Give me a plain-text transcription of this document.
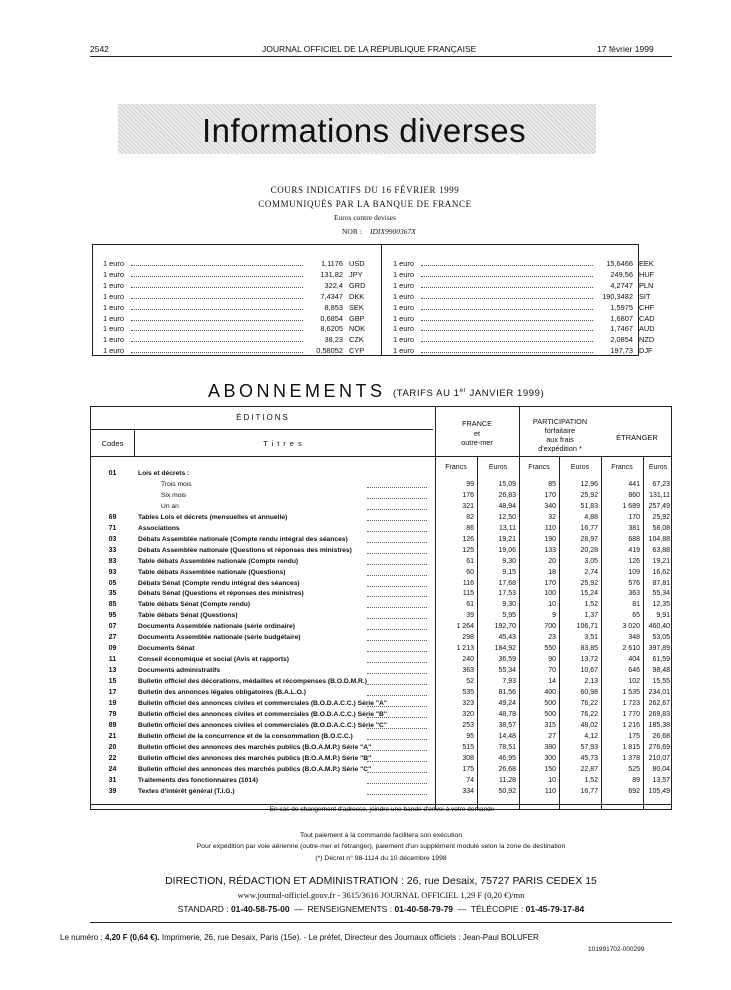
2542	JOURNAL OFFICIEL DE LA RÉPUBLIQUE FRANÇAISE	17 février 1999
Informations diverses
COURS INDICATIFS DU 16 FÉVRIER 1999
COMMUNIQUÉS PAR LA BANQUE DE FRANCE
Euros contre devises
NOR : IDIX9900367X
1 euro	1,1176 USD
1 euro	131,82 JPY
1 euro	322,4 GRD
1 euro	7,4347 DKK
1 euro	8,853 SEK
1 euro	0,6854 GBP
1 euro	8,6205 NOK
1 euro	38,23 CZK
1 euro	0,58052 CYP
1 euro	15,6466 EEK
1 euro	249,56 HUF
1 euro	4,2747 PLN
1 euro	190,3482 SIT
1 euro	1,5975 CHF
1 euro	1,6807 CAD
1 euro	1,7467 AUD
1 euro	2,0854 NZD
1 euro	197,73 DJF
ABONNEMENTS (TARIFS AU 1er JANVIER 1999)
ÉDITIONS
Codes	Titres
FRANCE
et
outre-mer
PARTICIPATION
forfaitaire
aux frais
d'expédition *
ÉTRANGER
Francs	Euros	Francs	Euros	Francs	Euros
01	Lois et décrets :
Trois mois	99	15,09	85	12,96	441	67,23
Six mois	176	26,83	170	25,92	860	131,11
Un an	321	48,94	340	51,83	1 689	257,49
69	Tables Lois et décrets (mensuelles et annuelle)	82	12,50	32	4,88	170	25,92
71	Associations	86	13,11	110	16,77	381	58,08
03	Débats Assemblée nationale (Compte rendu intégral des séances)	126	19,21	190	28,97	688	104,88
33	Débats Assemblée nationale (Questions et réponses des ministres)	125	19,06	133	20,28	419	63,88
83	Table débats Assemblée nationale (Compte rendu)	61	9,30	20	3,05	126	19,21
93	Table débats Assemblée nationale (Questions)	60	9,15	18	2,74	109	16,62
05	Débats Sénat (Compte rendu intégral des séances)	116	17,68	170	25,92	576	87,81
35	Débats Sénat (Questions et réponses des ministres)	115	17,53	100	15,24	363	55,34
85	Table débats Sénat (Compte rendu)	61	9,30	10	1,52	81	12,35
95	Table débats Sénat (Questions)	39	5,95	9	1,37	65	9,91
07	Documents Assemblée nationale (série ordinaire)	1 264	192,70	700	106,71	3 020	460,40
27	Documents Assemblée nationale (série budgétaire)	298	45,43	23	3,51	348	53,05
09	Documents Sénat	1 213	184,92	550	83,85	2 610	397,89
11	Conseil économique et social (Avis et rapports)	240	36,59	90	13,72	404	61,59
13	Documents administratifs	363	55,34	70	10,67	646	98,48
15	Bulletin officiel des décorations, médailles et récompenses (B.O.D.M.R.)	52	7,93	14	2,13	102	15,55
17	Bulletin des annonces légales obligatoires (B.A.L.O.)	535	81,56	400	60,98	1 535	234,01
19	Bulletin officiel des annonces civiles et commerciales (B.O.D.A.C.C.) Série "A"	323	49,24	500	76,22	1 723	262,67
79	Bulletin officiel des annonces civiles et commerciales (B.O.D.A.C.C.) Série "B"	320	48,78	500	76,22	1 770	269,83
89	Bulletin officiel des annonces civiles et commerciales (B.O.D.A.C.C.) Série "C"	253	38,57	315	48,02	1 216	185,38
21	Bulletin officiel de la concurrence et de la consommation (B.O.C.C.)	95	14,48	27	4,12	175	26,68
20	Bulletin officiel des annonces des marchés publics (B.O.A.M.P.) Série "A"	515	78,51	380	57,93	1 815	276,69
22	Bulletin officiel des annonces des marchés publics (B.O.A.M.P.) Série "B"	308	46,95	300	45,73	1 378	210,07
24	Bulletin officiel des annonces des marchés publics (B.O.A.M.P.) Série "C"	175	26,68	150	22,87	525	80,04
31	Traitements des fonctionnaires (1014)	74	11,28	10	1,52	89	13,57
39	Textes d'intérêt général (T.I.G.)	334	50,92	110	16,77	692	105,49
En cas de changement d'adresse, joindre une bande d'envoi à votre demande
Tout paiement à la commande facilitera son exécution
Pour expédition par voie aérienne (outre-mer et l'étranger), paiement d'un supplément modulé selon la zone de destination
(*) Décret n° 98-1114 du 10 décembre 1998
DIRECTION, RÉDACTION ET ADMINISTRATION : 26, rue Desaix, 75727 PARIS CEDEX 15
www.journal-officiel.gouv.fr - 3615/3616 JOURNAL OFFICIEL 1,29 F (0,20 €)/mn
STANDARD : 01-40-58-75-00  —  RENSEIGNEMENTS : 01-40-58-79-79  —  TÉLÉCOPIE : 01-45-79-17-84
Le numéro : 4,20 F (0,64 €). Imprimerie, 26, rue Desaix, Paris (15e). - Le préfet, Directeur des Journaux officiels : Jean-Paul BOLUFER
101991702-000299
